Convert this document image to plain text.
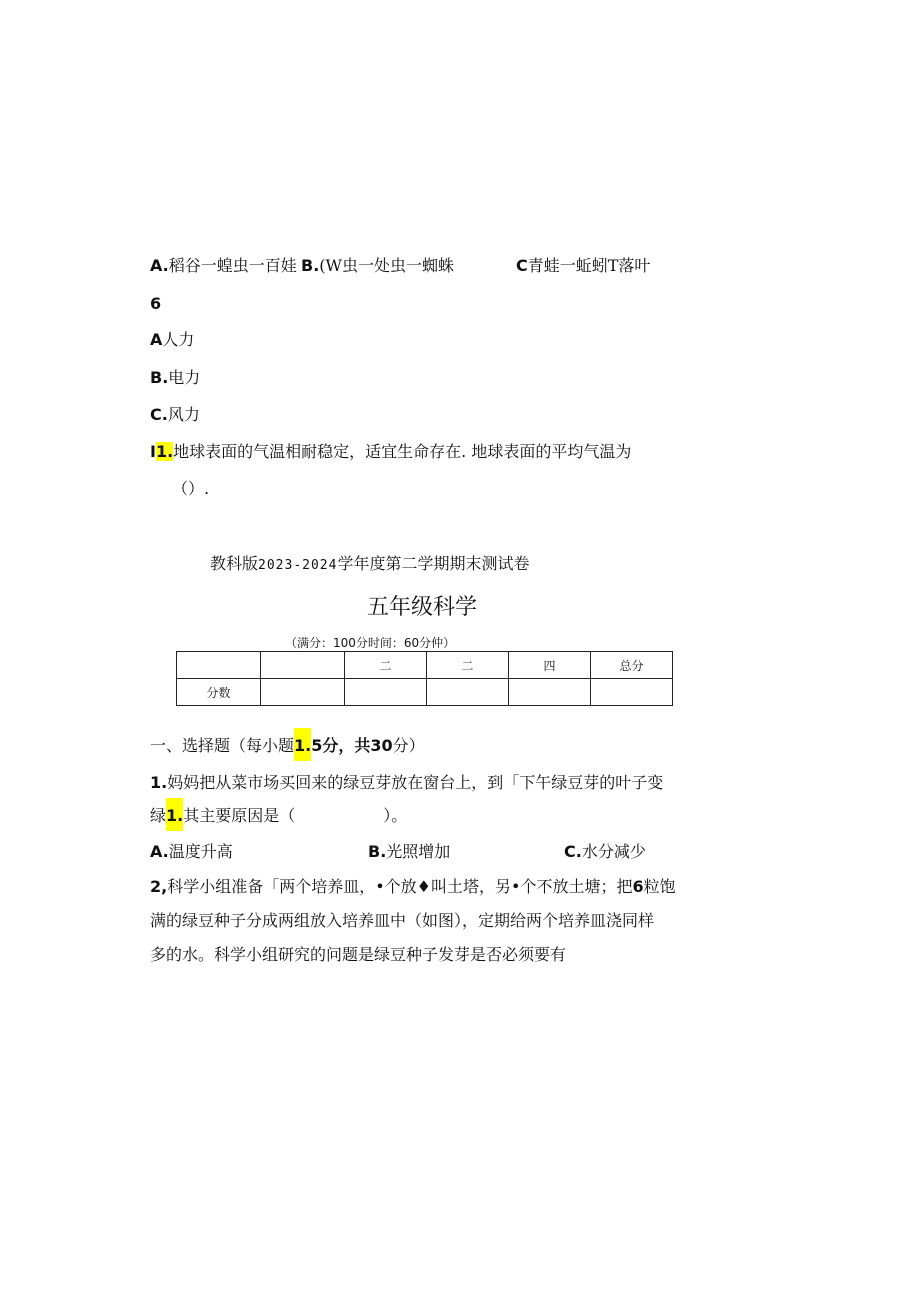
A.稻谷一蝗虫一百娃 B.(W虫一处虫一蜘蛛	C青蛙一蚯蚓T落叶
6
A人力
B.电力
C.风力
I1.地球表面的气温相耐稳定，适宜生命存在. 地球表面的平均气温为
（）.
教科版2023-2024学年度第二学期期末测试卷
五年级科学
（满分：100分时间：60分仲）
		二	二	四	总分
分数					
一、选择题（每小题1.5分，共30分）
1.妈妈把从菜市场买回来的绿豆芽放在窗台上，到「下午绿豆芽的叶子变
绿1.其主要原因是（	）。
A.温度升高	B.光照增加	C.水分减少
2,科学小组准备「两个培养皿，•个放♦叫土塔，另•个不放土塘；把6粒饱
满的绿豆种子分成两组放入培养皿中（如图），定期给两个培养皿浇同样
多的水。科学小组研究的问题是绿豆种子发芽是否必须要有
